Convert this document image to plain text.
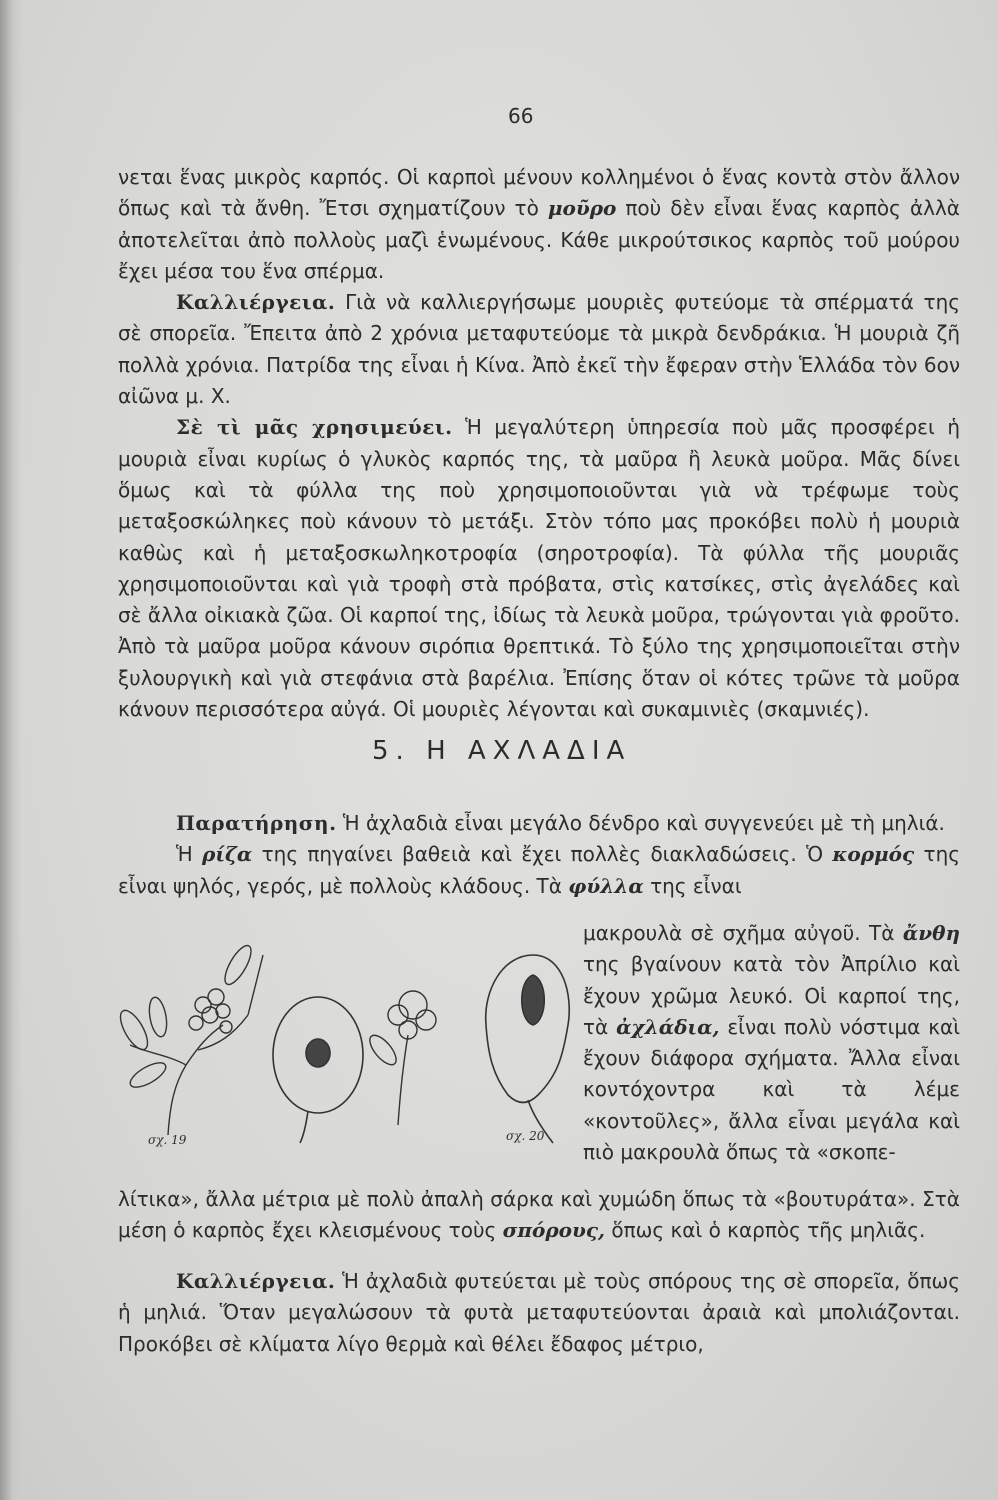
66

νεται ἕνας μικρὸς καρπός. Οἱ καρποὶ μένουν κολλημένοι ὁ ἕνας κοντὰ στὸν ἄλλον ὅπως καὶ τὰ ἄνθη. Ἔτσι σχηματίζουν τὸ μοῦρο ποὺ δὲν εἶναι ἕνας καρπὸς ἀλλὰ ἀποτελεῖται ἀπὸ πολλοὺς μαζὶ ἑνωμένους. Κάθε μικρούτσικος καρπὸς τοῦ μούρου ἔχει μέσα του ἕνα σπέρμα.
Καλλιέργεια. Γιὰ νὰ καλλιεργήσωμε μουριὲς φυτεύομε τὰ σπέρματά της σὲ σπορεῖα. Ἔπειτα ἀπὸ 2 χρόνια μεταφυτεύομε τὰ μικρὰ δενδράκια. Ἡ μουριὰ ζῆ πολλὰ χρόνια. Πατρίδα της εἶναι ἡ Κίνα. Ἀπὸ ἐκεῖ τὴν ἔφεραν στὴν Ἑλλάδα τὸν 6ον αἰῶνα μ. Χ.
Σὲ τὶ μᾶς χρησιμεύει. Ἡ μεγαλύτερη ὑπηρεσία ποὺ μᾶς προσφέρει ἡ μουριὰ εἶναι κυρίως ὁ γλυκὸς καρπός της, τὰ μαῦρα ἢ λευκὰ μοῦρα. Μᾶς δίνει ὅμως καὶ τὰ φύλλα της ποὺ χρησιμοποιοῦνται γιὰ νὰ τρέφωμε τοὺς μεταξοσκώληκες ποὺ κάνουν τὸ μετάξι. Στὸν τόπο μας προκόβει πολὺ ἡ μουριὰ καθὼς καὶ ἡ μεταξοσκωληκοτροφία (σηροτροφία). Τὰ φύλλα τῆς μουριᾶς χρησιμοποιοῦνται καὶ γιὰ τροφὴ στὰ πρόβατα, στὶς κατσίκες, στὶς ἀγελάδες καὶ σὲ ἄλλα οἰκιακὰ ζῶα. Οἱ καρποί της, ἰδίως τὰ λευκὰ μοῦρα, τρώγονται γιὰ φροῦτο. Ἀπὸ τὰ μαῦρα μοῦρα κάνουν σιρόπια θρεπτικά. Τὸ ξύλο της χρησιμοποιεῖται στὴν ξυλουργικὴ καὶ γιὰ στεφάνια στὰ βαρέλια. Ἐπίσης ὅταν οἱ κότες τρῶνε τὰ μοῦρα κάνουν περισσότερα αὐγά. Οἱ μουριὲς λέγονται καὶ συκαμινιὲς (σκαμνιές).

5. Η ΑΧΛΑΔΙΑ

Παρατήρηση. Ἡ ἀχλαδιὰ εἶναι μεγάλο δένδρο καὶ συγγενεύει μὲ τὴ μηλιά.

Ἡ ρίζα της πηγαίνει βαθειὰ καὶ ἔχει πολλὲς διακλαδώσεις. Ὁ κορμός της εἶναι ψηλός, γερός, μὲ πολλοὺς κλάδους. Τὰ φύλλα της εἶναι

μακρουλὰ σὲ σχῆμα αὐγοῦ. Τὰ ἄνθη της βγαίνουν κατὰ τὸν Ἀπρίλιο καὶ ἔχουν χρῶμα λευκό. Οἱ καρποί της, τὰ ἀχλάδια, εἶναι πολὺ νόστιμα καὶ ἔχουν διάφορα σχήματα. Ἄλλα εἶναι κοντόχοντρα καὶ τὰ λέμε «κοντοῦλες», ἄλλα εἶναι μεγάλα καὶ πιὸ μακρουλὰ ὅπως τὰ «σκοπε-

σχ. 19	σχ. 20

λίτικα», ἄλλα μέτρια μὲ πολὺ ἀπαλὴ σάρκα καὶ χυμώδη ὅπως τὰ «βουτυράτα». Στὰ μέση ὁ καρπὸς ἔχει κλεισμένους τοὺς σπόρους, ὅπως καὶ ὁ καρπὸς τῆς μηλιᾶς.

Καλλιέργεια. Ἡ ἀχλαδιὰ φυτεύεται μὲ τοὺς σπόρους της σὲ σπορεῖα, ὅπως ἡ μηλιά. Ὅταν μεγαλώσουν τὰ φυτὰ μεταφυτεύονται ἀραιὰ καὶ μπολιάζονται. Προκόβει σὲ κλίματα λίγο θερμὰ καὶ θέλει ἔδαφος μέτριο,
